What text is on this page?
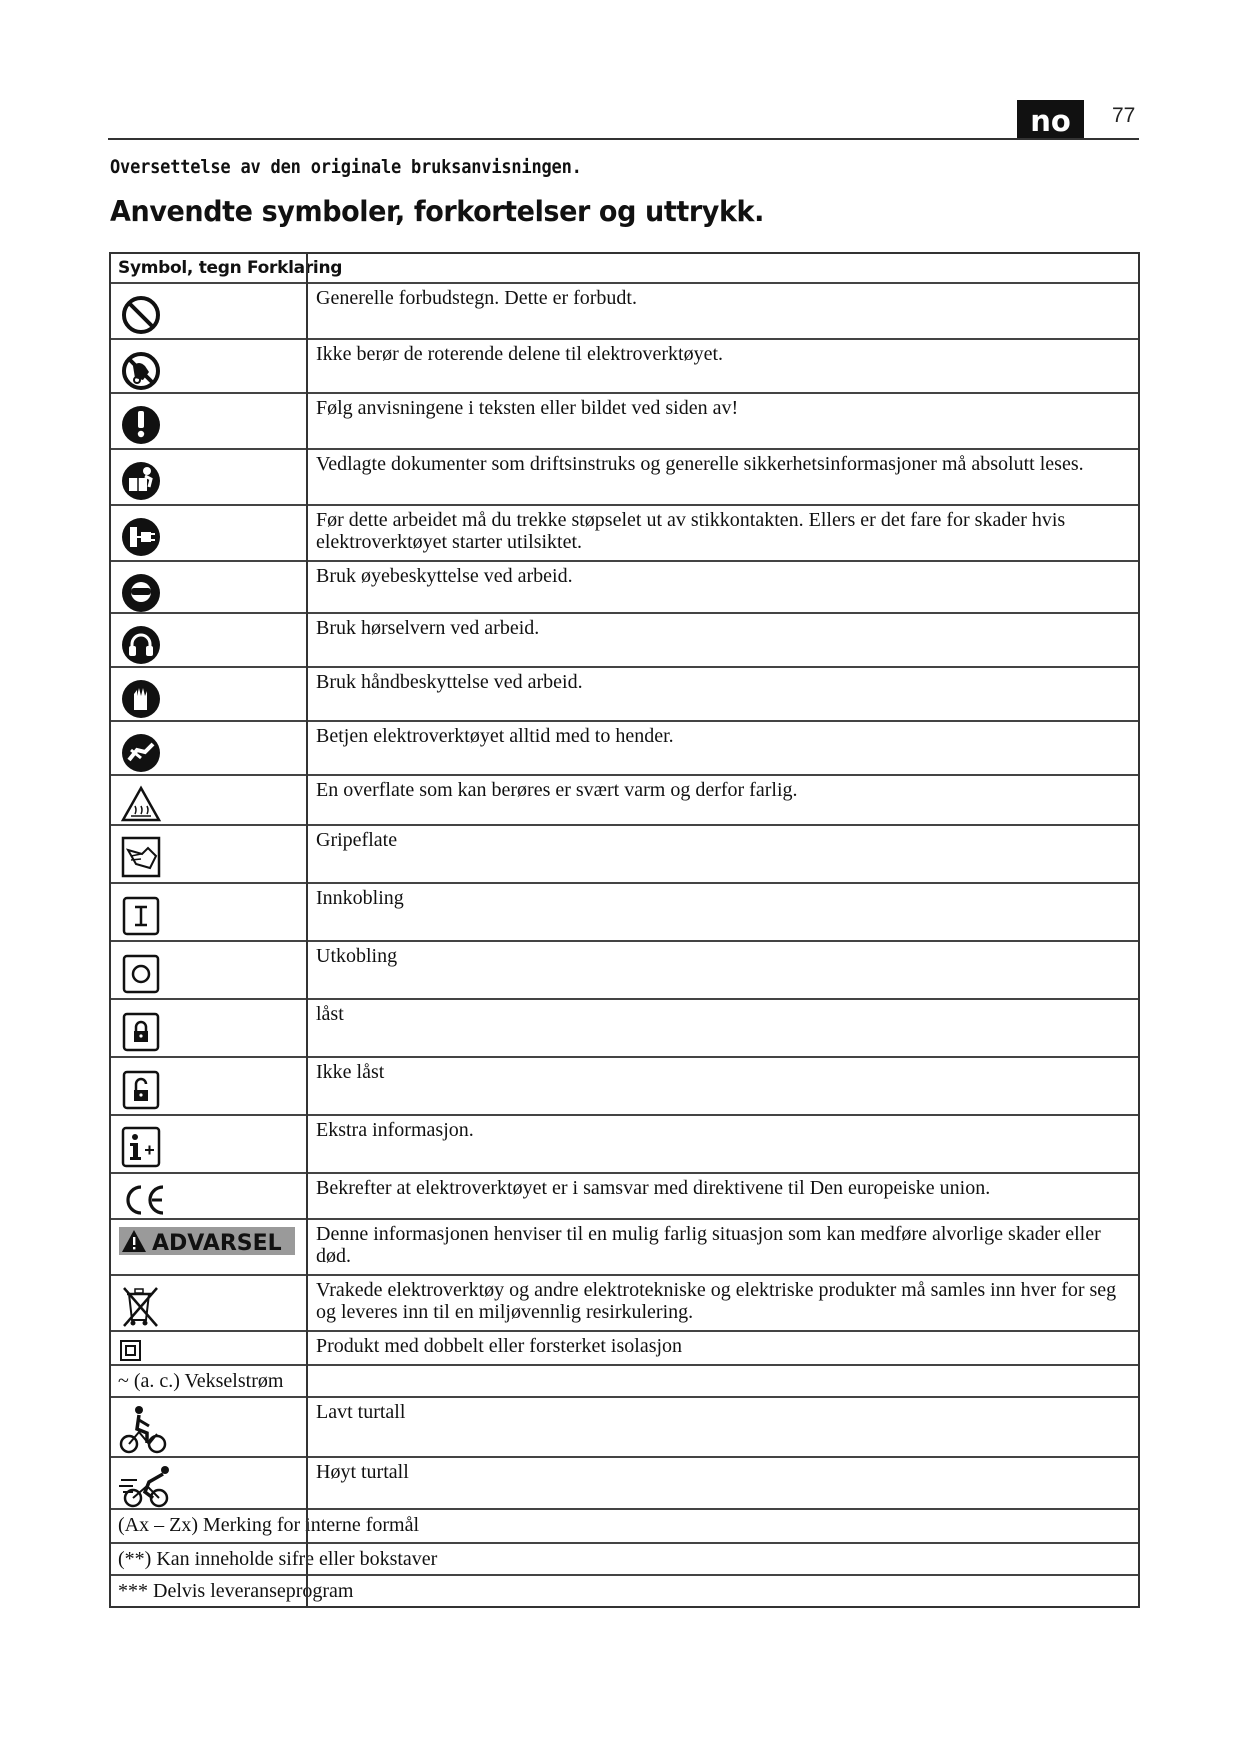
no	77
Oversettelse av den originale bruksanvisningen.
Anvendte symboler, forkortelser og uttrykk.
Symbol, tegn Forklaring
Generelle forbudstegn. Dette er forbudt.
Ikke berør de roterende delene til elektroverktøyet.
Følg anvisningene i teksten eller bildet ved siden av!
Vedlagte dokumenter som driftsinstruks og generelle sikkerhetsinformasjoner må absolutt leses.
Før dette arbeidet må du trekke støpselet ut av stikkontakten. Ellers er det fare for skader hvis elektroverktøyet starter utilsiktet.
Bruk øyebeskyttelse ved arbeid.
Bruk hørselvern ved arbeid.
Bruk håndbeskyttelse ved arbeid.
Betjen elektroverktøyet alltid med to hender.
En overflate som kan berøres er svært varm og derfor farlig.
Gripeflate
Innkobling
Utkobling
låst
Ikke låst
Ekstra informasjon.
Bekrefter at elektroverktøyet er i samsvar med direktivene til Den europeiske union.
ADVARSEL Denne informasjonen henviser til en mulig farlig situasjon som kan medføre alvorlige skader eller død.
Vrakede elektroverktøy og andre elektrotekniske og elektriske produkter må samles inn hver for seg og leveres inn til en miljøvennlig resirkulering.
Produkt med dobbelt eller forsterket isolasjon
~ (a. c.) Vekselstrøm
Lavt turtall
Høyt turtall
(Ax – Zx) Merking for interne formål
(**) Kan inneholde sifre eller bokstaver
*** Delvis leveranseprogram
